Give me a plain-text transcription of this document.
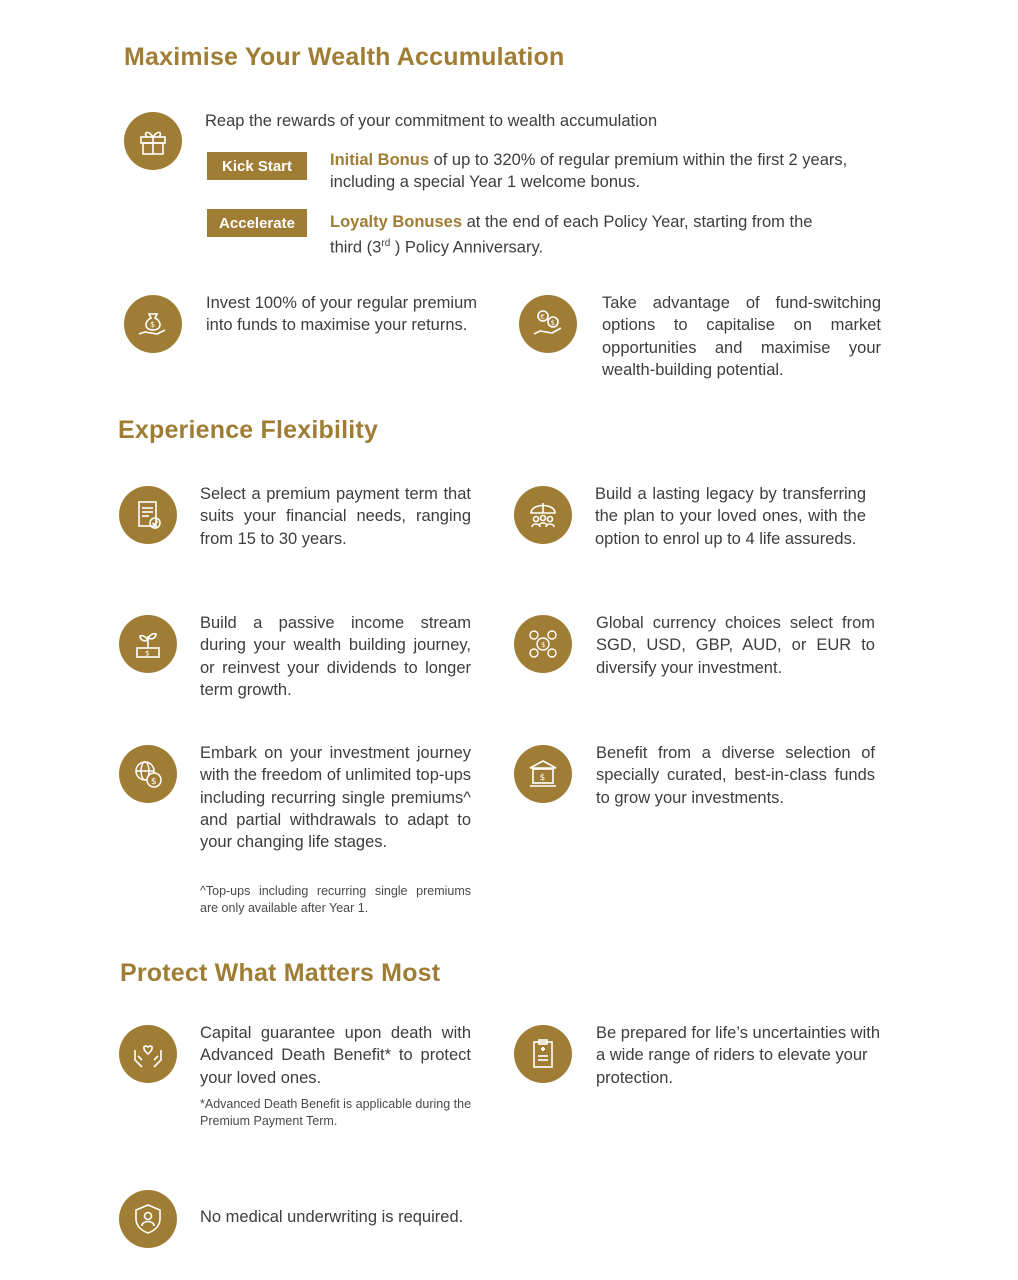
Maximise Your Wealth Accumulation

Reap the rewards of your commitment to wealth accumulation

Kick Start	Initial Bonus of up to 320% of regular premium within the first 2 years,
including a special Year 1 welcome bonus.

Accelerate	Loyalty Bonuses at the end of each Policy Year, starting from the
third (3rd ) Policy Anniversary.

$

Invest 100% of your regular premium into funds to maximise your returns.	€
$

Take advantage of fund-switching options to capitalise on market opportunities and maximise your wealth-building potential.

Experience Flexibility

Select a premium payment term that suits your financial needs, ranging from 15 to 30 years.

Build a lasting legacy by transferring the plan to your loved ones, with the option to enrol up to 4 life assureds.

$

Build a passive income stream during your wealth building journey, or reinvest your dividends to longer term growth.

$

Global currency choices select from SGD, USD, GBP, AUD, or EUR to diversify your investment.

$

Embark on your investment journey with the freedom of unlimited top-ups including recurring single premiums^ and partial withdrawals to adapt to your changing life stages.

^Top-ups including recurring single premiums are only available after Year 1.

$

Benefit from a diverse selection of specially curated, best-in-class funds to grow your investments.

Protect What Matters Most

Capital guarantee upon death with Advanced Death Benefit* to protect your loved ones.

*Advanced Death Benefit is applicable during the Premium Payment Term.

Be prepared for life’s uncertainties with a wide range of riders to elevate your protection.

No medical underwriting is required.
